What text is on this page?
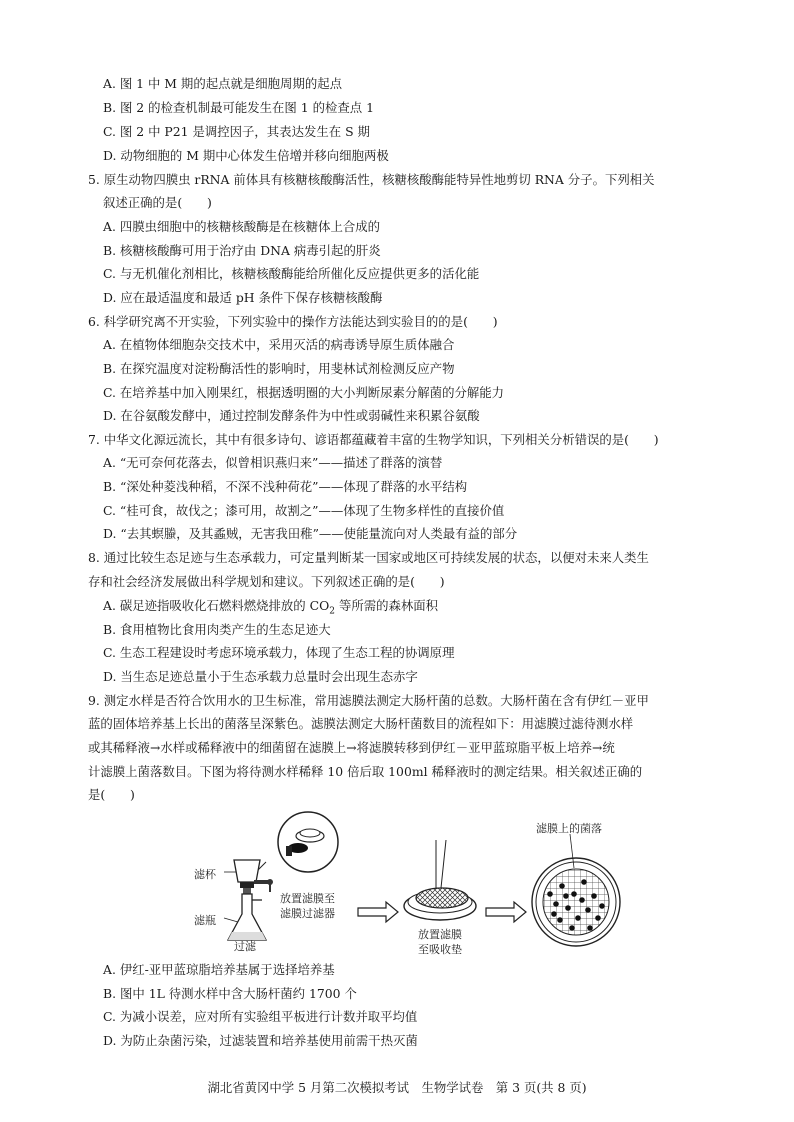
A. 图 1 中 M 期的起点就是细胞周期的起点
B. 图 2 的检查机制最可能发生在图 1 的检查点 1
C. 图 2 中 P21 是调控因子，其表达发生在 S 期
D. 动物细胞的 M 期中心体发生倍增并移向细胞两极
5. 原生动物四膜虫 rRNA 前体具有核糖核酸酶活性，核糖核酸酶能特异性地剪切 RNA 分子。下列相关
叙述正确的是(　　)
A. 四膜虫细胞中的核糖核酸酶是在核糖体上合成的
B. 核糖核酸酶可用于治疗由 DNA 病毒引起的肝炎
C. 与无机催化剂相比，核糖核酸酶能给所催化反应提供更多的活化能
D. 应在最适温度和最适 pH 条件下保存核糖核酸酶
6. 科学研究离不开实验，下列实验中的操作方法能达到实验目的的是(　　)
A. 在植物体细胞杂交技术中，采用灭活的病毒诱导原生质体融合
B. 在探究温度对淀粉酶活性的影响时，用斐林试剂检测反应产物
C. 在培养基中加入刚果红，根据透明圈的大小判断尿素分解菌的分解能力
D. 在谷氨酸发酵中，通过控制发酵条件为中性或弱碱性来积累谷氨酸
7. 中华文化源远流长，其中有很多诗句、谚语都蕴藏着丰富的生物学知识，下列相关分析错误的是(　　)
A. “无可奈何花落去，似曾相识燕归来”——描述了群落的演替
B. “深处种菱浅种稻，不深不浅种荷花”——体现了群落的水平结构
C. “桂可食，故伐之；漆可用，故割之”——体现了生物多样性的直接价值
D. “去其螟螣，及其蟊贼，无害我田稚”——使能量流向对人类最有益的部分
8. 通过比较生态足迹与生态承载力，可定量判断某一国家或地区可持续发展的状态，以便对未来人类生
存和社会经济发展做出科学规划和建议。下列叙述正确的是(　　)
A. 碳足迹指吸收化石燃料燃烧排放的 $CO_2$ 等所需的森林面积
B. 食用植物比食用肉类产生的生态足迹大
C. 生态工程建设时考虑环境承载力，体现了生态工程的协调原理
D. 当生态足迹总量小于生态承载力总量时会出现生态赤字
9. 测定水样是否符合饮用水的卫生标准，常用滤膜法测定大肠杆菌的总数。大肠杆菌在含有伊红－亚甲
蓝的固体培养基上长出的菌落呈深紫色。滤膜法测定大肠杆菌数目的流程如下：用滤膜过滤待测水样
或其稀释液→水样或稀释液中的细菌留在滤膜上→将滤膜转移到伊红－亚甲蓝琼脂平板上培养→统
计滤膜上菌落数目。下图为将待测水样稀释 10 倍后取 100ml 稀释液时的测定结果。相关叙述正确的
是(　　)
滤杯
滤瓶
过滤
放置滤膜至
滤膜过滤器
放置滤膜
至吸收垫
滤膜上的菌落
A. 伊红-亚甲蓝琼脂培养基属于选择培养基
B. 图中 1L 待测水样中含大肠杆菌约 1700 个
C. 为减小误差，应对所有实验组平板进行计数并取平均值
D. 为防止杂菌污染，过滤装置和培养基使用前需干热灭菌
湖北省黄冈中学 5 月第二次模拟考试　生物学试卷　第 3 页(共 8 页)
